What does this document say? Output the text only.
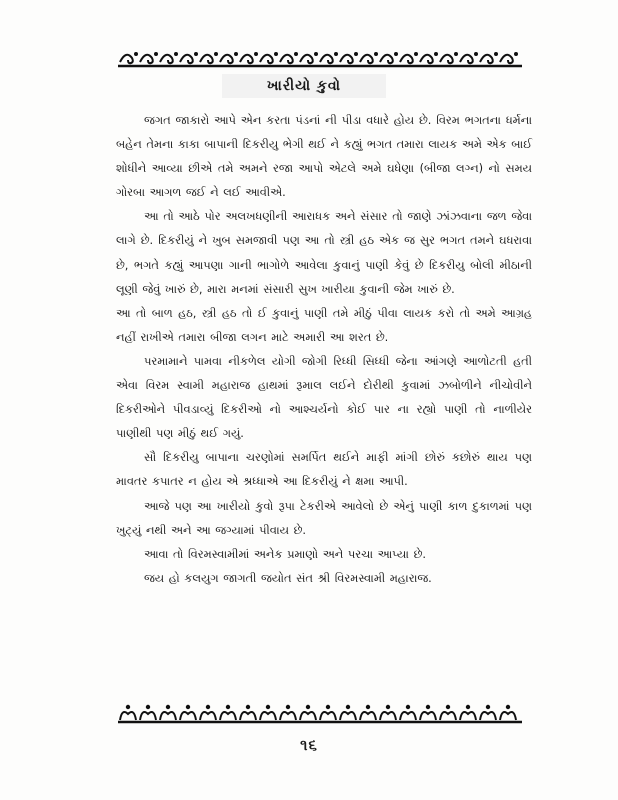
ખારીયો કુવો

જગત જાકારો આપે એન કરતા પંડનાં ની પીડા વધારે હોય છે. વિરમ ભગતના ધર્મના બહેન તેમના કાકા બાપાની દિકરીયુ ભેગી થઈ ને કહ્યું ભગત તમારા લાયક અમે એક બાઈ શોધીને આવ્યા છીએ તમે અમને રજા આપો એટલે અમે ઘધેણા (બીજા લગ્ન) નો સમય ગોરબા આગળ જઈ ને લઈ આવીએ.

આ તો આઠે પોર અલખધણીની આરાધક અને સંસાર તો જાણે ઝાંઝવાના જળ જેવા લાગે છે. દિકરીયું ને ખુબ સમજાવી પણ આ તો સ્ત્રી હઠ એક જ સુર ભગત તમને ઘધરાવા છે, ભગતે કહ્યું આપણા ગાની ભાગોળે આવેલા કુવાનું પાણી કેવું છે દિકરીયુ બોલી મીઠાની લૂણી જેવું ખારું છે, મારા મનમાં સંસારી સુખ ખારીયા કુવાની જેમ ખારું છે.

આ તો બાળ હઠ, સ્ત્રી હઠ તો ઈ કુવાનું પાણી તમે મીઠું પીવા લાયક કરો તો અમે આગ્રહ નહીં રાખીએ તમારા બીજા લગન માટે અમારી આ શરત છે.

પરમામાને પામવા નીકળેલ યોગી જોગી રિધ્ધી સિધ્ધી જેના આંગણે આળોટતી હતી એવા વિરમ સ્વામી મહારાજ હાથમાં રૂમાલ લઈને દોરીથી કુવામાં ઝબોળીને નીચોવીને દિકરીઓને પીવડાવ્યું દિકરીઓ નો આશ્ચર્યનો કોઈ પાર ના રહ્યો પાણી તો નાળીયેર પાણીથી પણ મીઠું થઈ ગયું.

સૌ દિકરીયુ બાપાના ચરણોમાં સમર્પિત થઈને માફી માંગી છોરું કછોરું થાય પણ માવતર કપાતર ન હોય એ શ્રધ્ધાએ આ દિકરીયું ને ક્ષમા આપી.

આજે પણ આ ખારીયો કુવો રૂપા ટેકરીએ આવેલો છે એનું પાણી કાળ દુકાળમાં પણ ખુટ્યું નથી અને આ જગ્યામાં પીવાય છે.

આવા તો વિરમસ્વામીમાં અનેક પ્રમાણો અને પરચા આપ્યા છે.

જય હો કલયુગ જાગતી જયોત સંત શ્રી વિરમસ્વામી મહારાજ.

૧૬
